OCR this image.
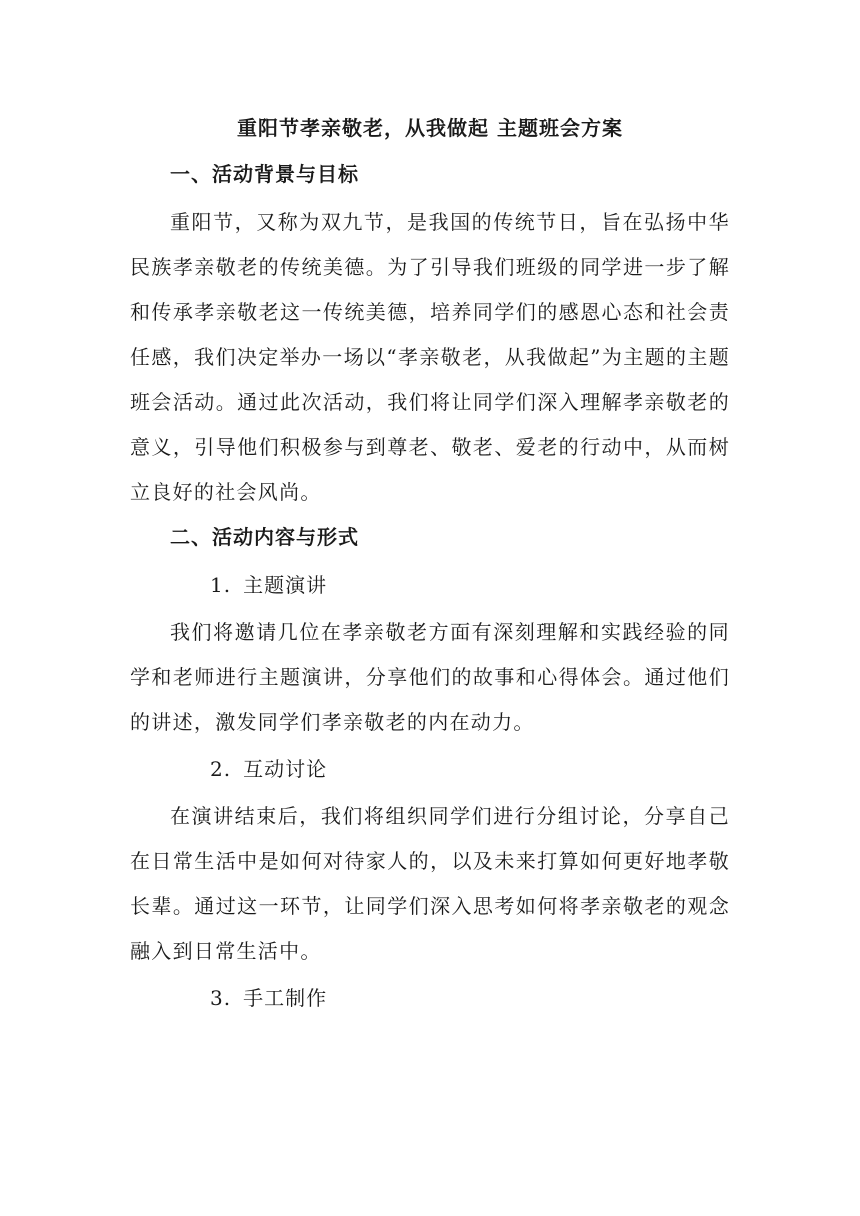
重阳节孝亲敬老，从我做起 主题班会方案
一、活动背景与目标

重阳节，又称为双九节，是我国的传统节日，旨在弘扬中华民族孝亲敬老的传统美德。为了引导我们班级的同学进一步了解和传承孝亲敬老这一传统美德，培养同学们的感恩心态和社会责任感，我们决定举办一场以“孝亲敬老，从我做起”为主题的主题班会活动。通过此次活动，我们将让同学们深入理解孝亲敬老的意义，引导他们积极参与到尊老、敬老、爱老的行动中，从而树立良好的社会风尚。

二、活动内容与形式
1. 主题演讲

我们将邀请几位在孝亲敬老方面有深刻理解和实践经验的同学和老师进行主题演讲，分享他们的故事和心得体会。通过他们的讲述，激发同学们孝亲敬老的内在动力。

2. 互动讨论

在演讲结束后，我们将组织同学们进行分组讨论，分享自己在日常生活中是如何对待家人的，以及未来打算如何更好地孝敬长辈。通过这一环节，让同学们深入思考如何将孝亲敬老的观念融入到日常生活中。

3. 手工制作
